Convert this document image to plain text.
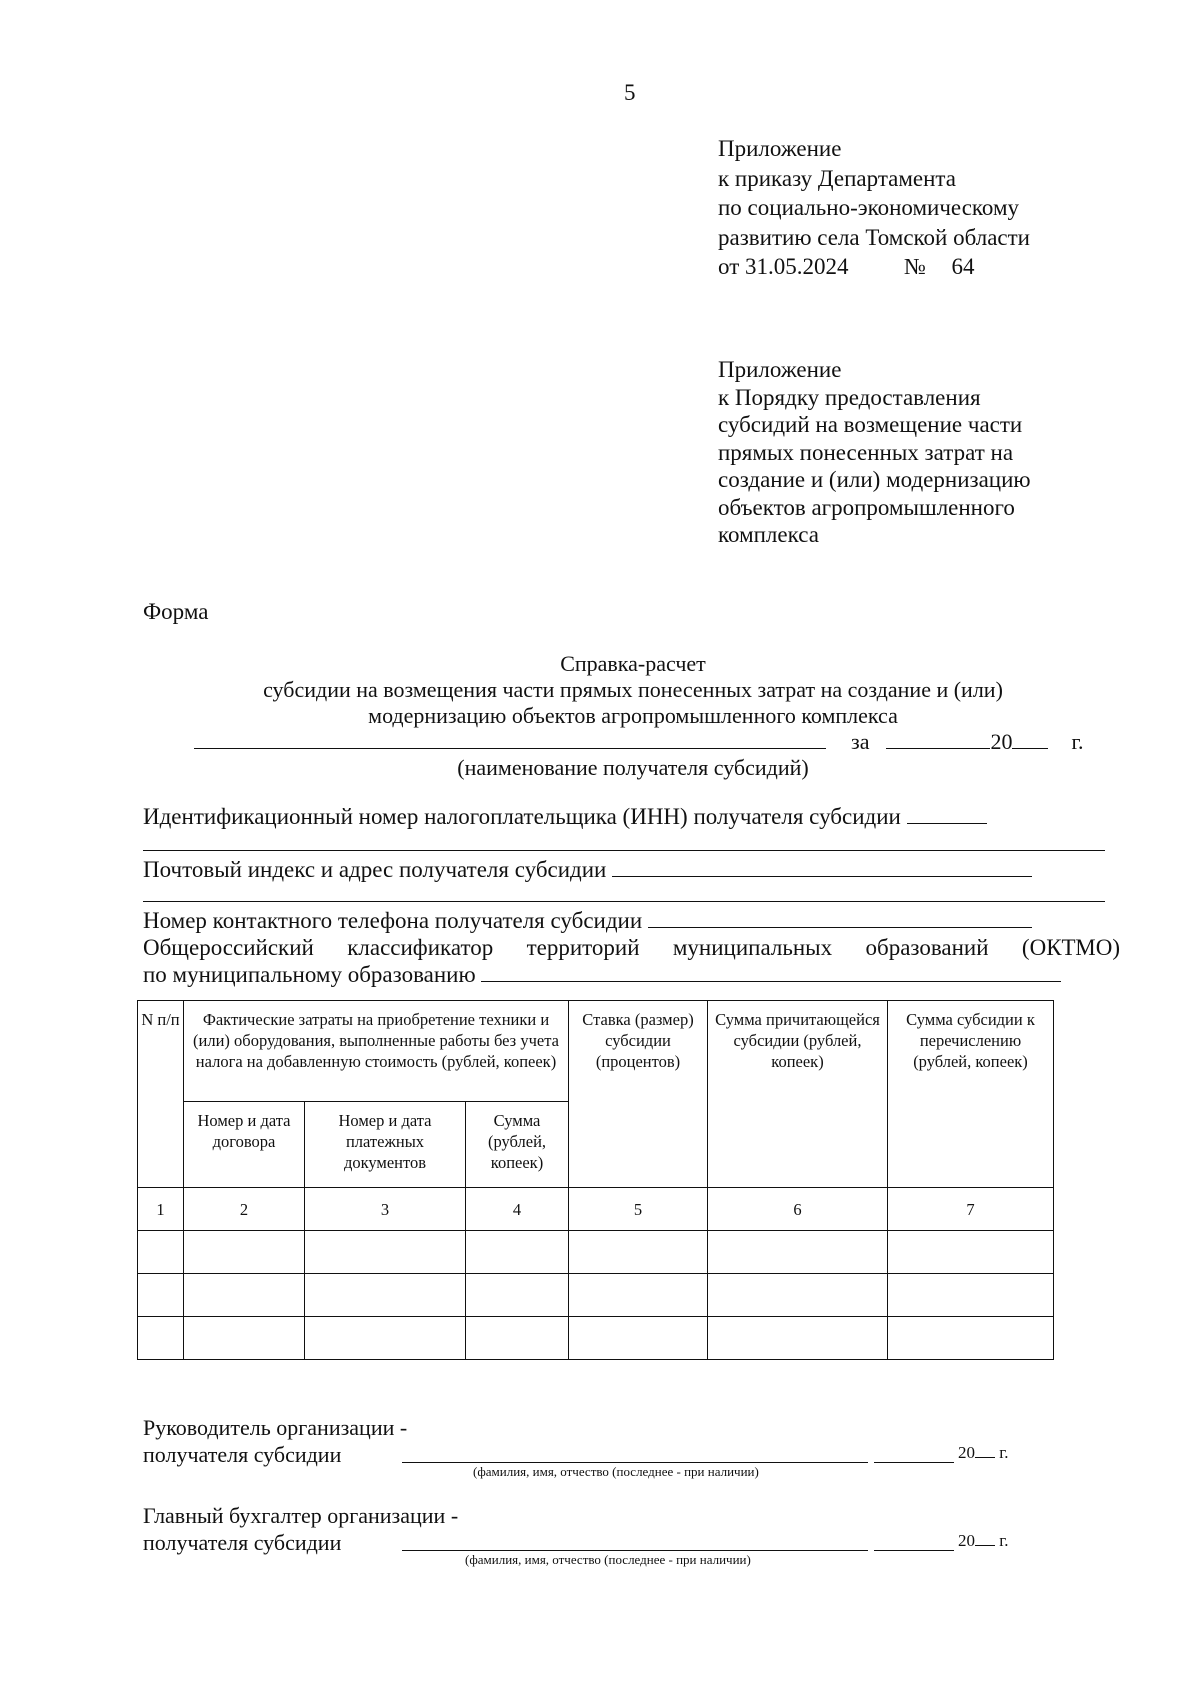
5
Приложение
к приказу Департамента
по социально-экономическому
развитию села Томской области
от 31.05.2024 № 64
Приложение
к Порядку предоставления
субсидий на возмещение части
прямых понесенных затрат на
создание и (или) модернизацию
объектов агропромышленного
комплекса
Форма
Справка-расчет
субсидии на возмещения части прямых понесенных затрат на создание и (или)
модернизацию объектов агропромышленного комплекса
за	20	г.
(наименование получателя субсидий)
Идентификационный номер налогоплательщика (ИНН) получателя субсидии
Почтовый индекс и адрес получателя субсидии
Номер контактного телефона получателя субсидии
Общероссийский классификатор территорий муниципальных образований (ОКТМО)
по муниципальному образованию
N п/п	Фактические затраты на приобретение техники и (или) оборудования, выполненные работы без учета налога на добавленную стоимость (рублей, копеек)			Ставка (размер) субсидии (процентов)	Сумма причитающейся субсидии (рублей, копеек)	Сумма субсидии к перечислению (рублей, копеек)
	Номер и дата договора	Номер и дата платежных документов	Сумма (рублей, копеек)			
1	2	3	4	5	6	7

Руководитель организации -
получателя субсидии	20 г.
(фамилия, имя, отчество (последнее - при наличии)
Главный бухгалтер организации -
получателя субсидии	20 г.
(фамилия, имя, отчество (последнее - при наличии)
